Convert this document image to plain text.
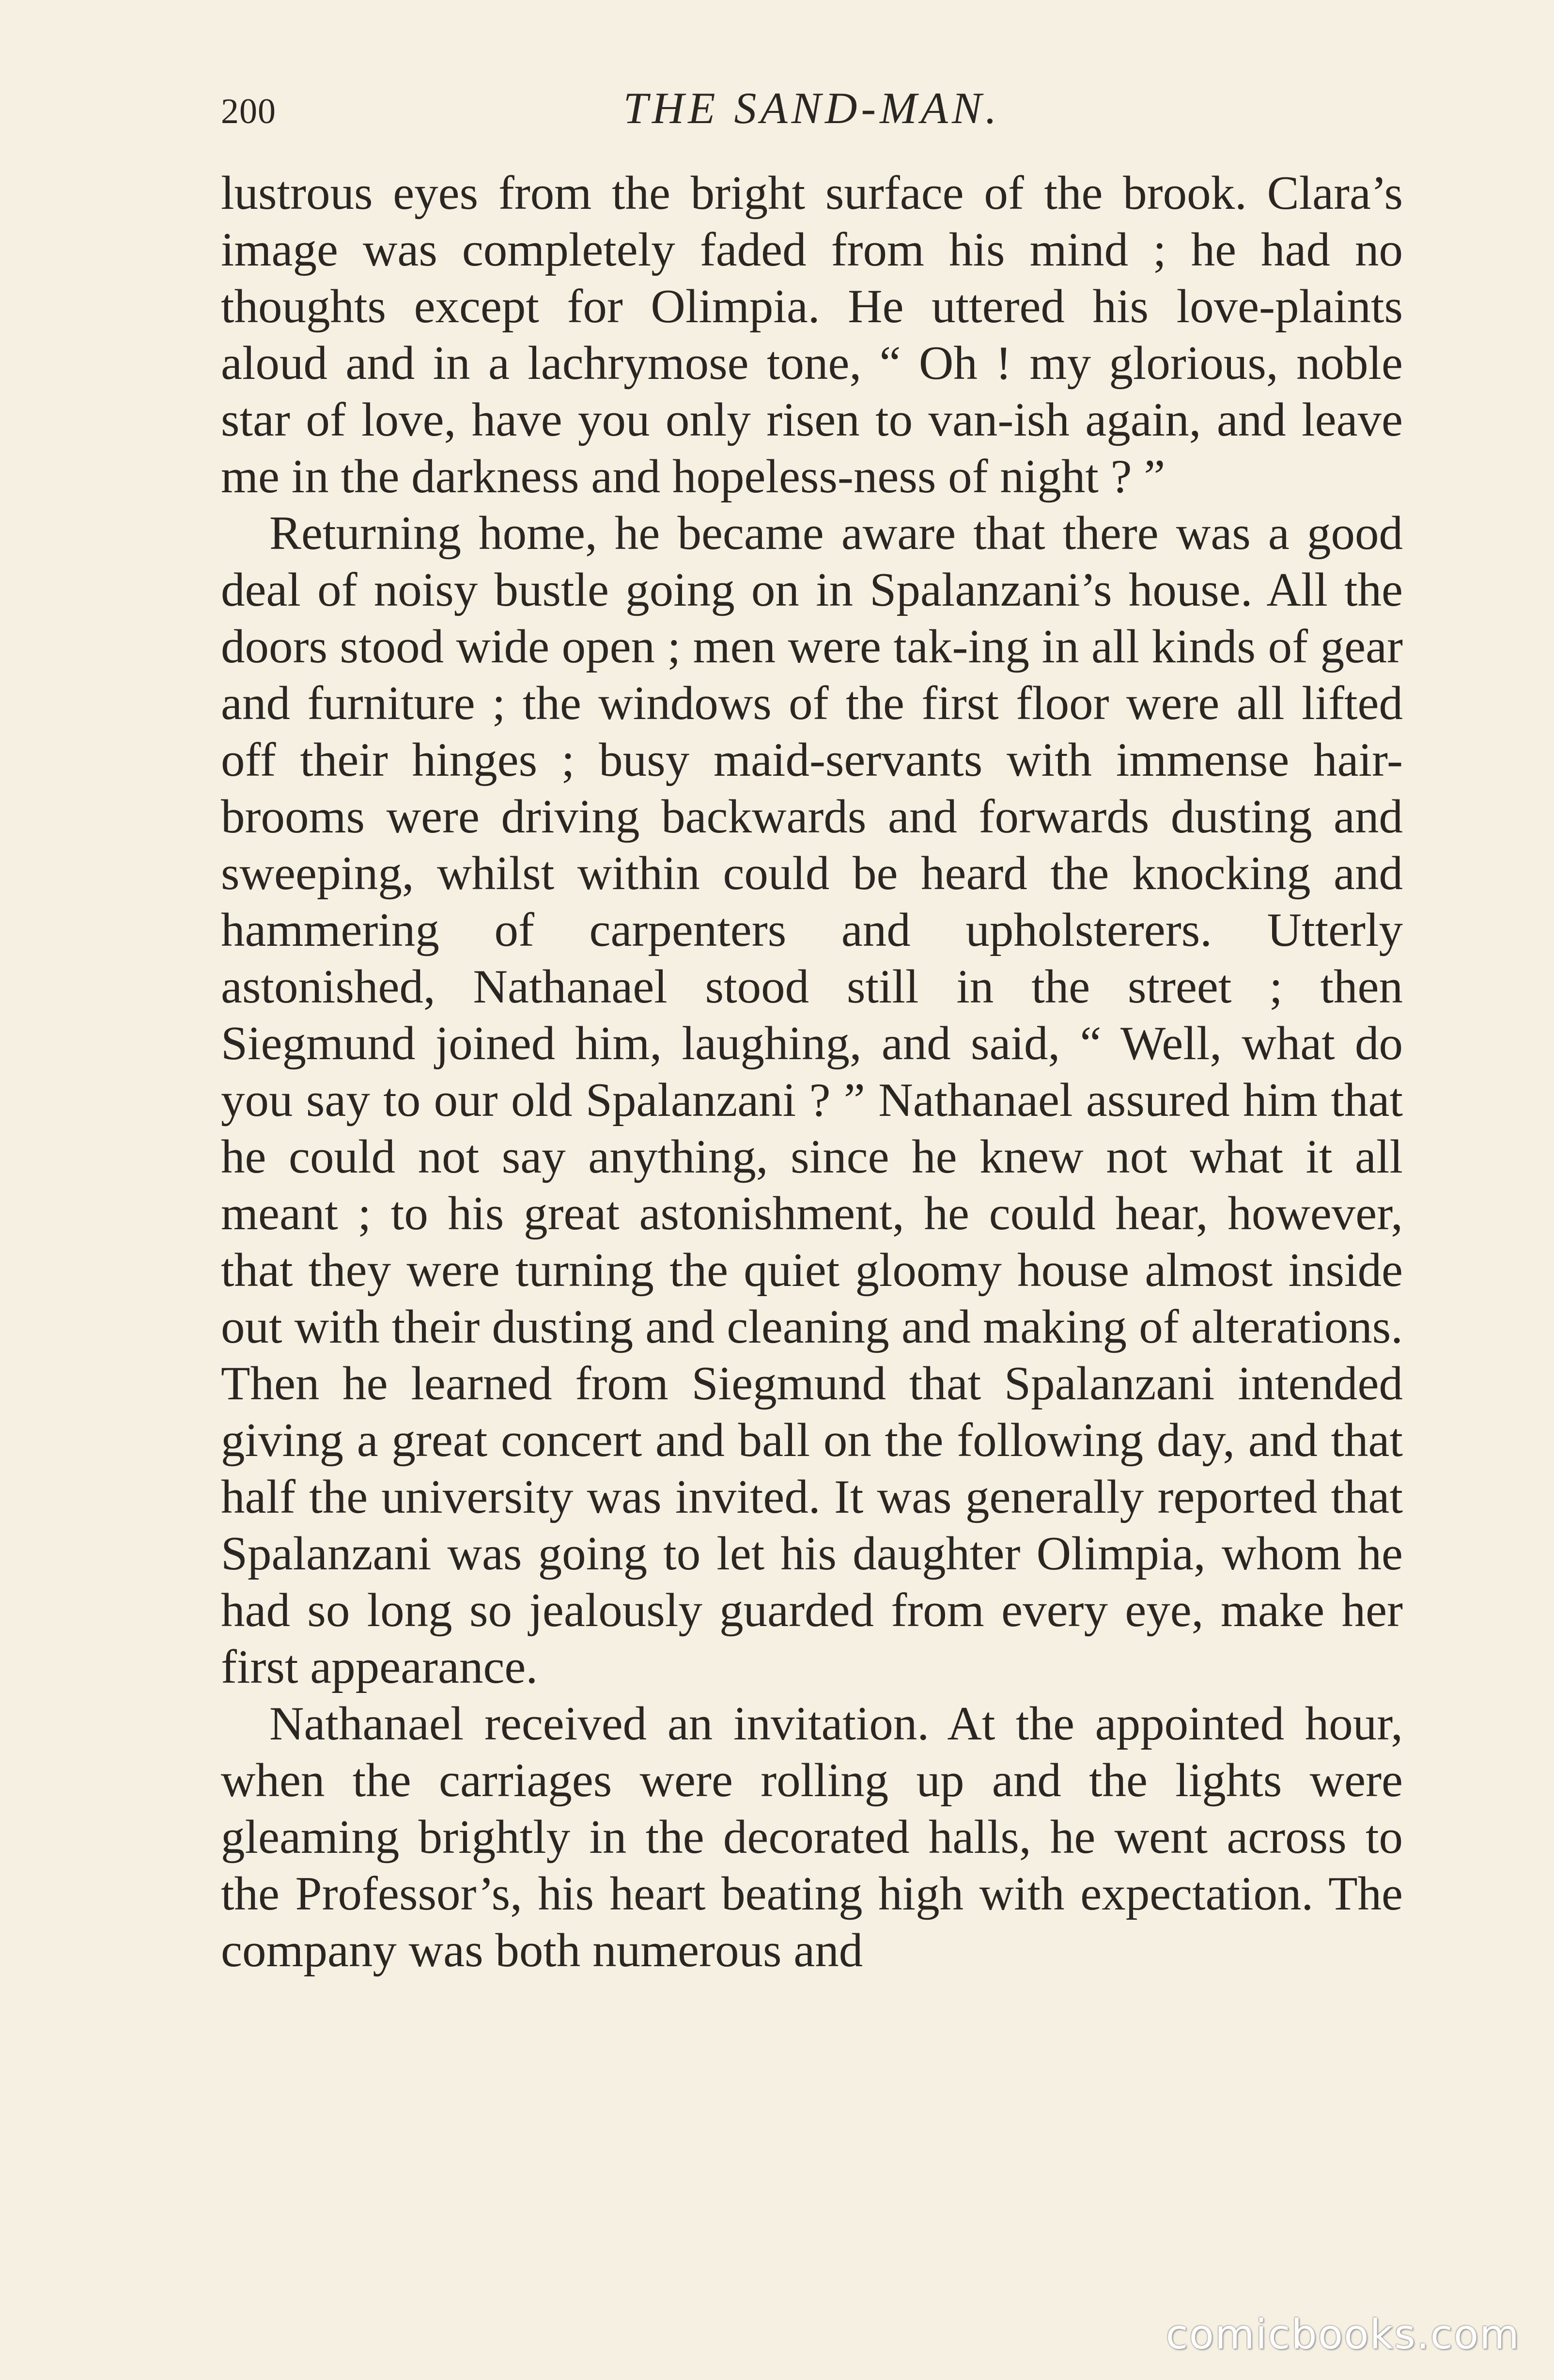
200	THE SAND-MAN.

lustrous eyes from the bright surface of the brook. Clara’s image was completely faded from his mind ; he had no thoughts except for Olimpia. He uttered his love-plaints aloud and in a lachrymose tone, “ Oh ! my glorious, noble star of love, have you only risen to van-ish again, and leave me in the darkness and hopeless-ness of night ? ”

Returning home, he became aware that there was a good deal of noisy bustle going on in Spalanzani’s house. All the doors stood wide open ; men were tak-ing in all kinds of gear and furniture ; the windows of the first floor were all lifted off their hinges ; busy maid-servants with immense hair-brooms were driving backwards and forwards dusting and sweeping, whilst within could be heard the knocking and hammering of carpenters and upholsterers. Utterly astonished, Nathanael stood still in the street ; then Siegmund joined him, laughing, and said, “ Well, what do you say to our old Spalanzani ? ” Nathanael assured him that he could not say anything, since he knew not what it all meant ; to his great astonishment, he could hear, however, that they were turning the quiet gloomy house almost inside out with their dusting and cleaning and making of alterations. Then he learned from Siegmund that Spalanzani intended giving a great concert and ball on the following day, and that half the university was invited. It was generally reported that Spalanzani was going to let his daughter Olimpia, whom he had so long so jealously guarded from every eye, make her first appearance.

Nathanael received an invitation. At the appointed hour, when the carriages were rolling up and the lights were gleaming brightly in the decorated halls, he went across to the Professor’s, his heart beating high with expectation. The company was both numerous and

comicbooks.com
